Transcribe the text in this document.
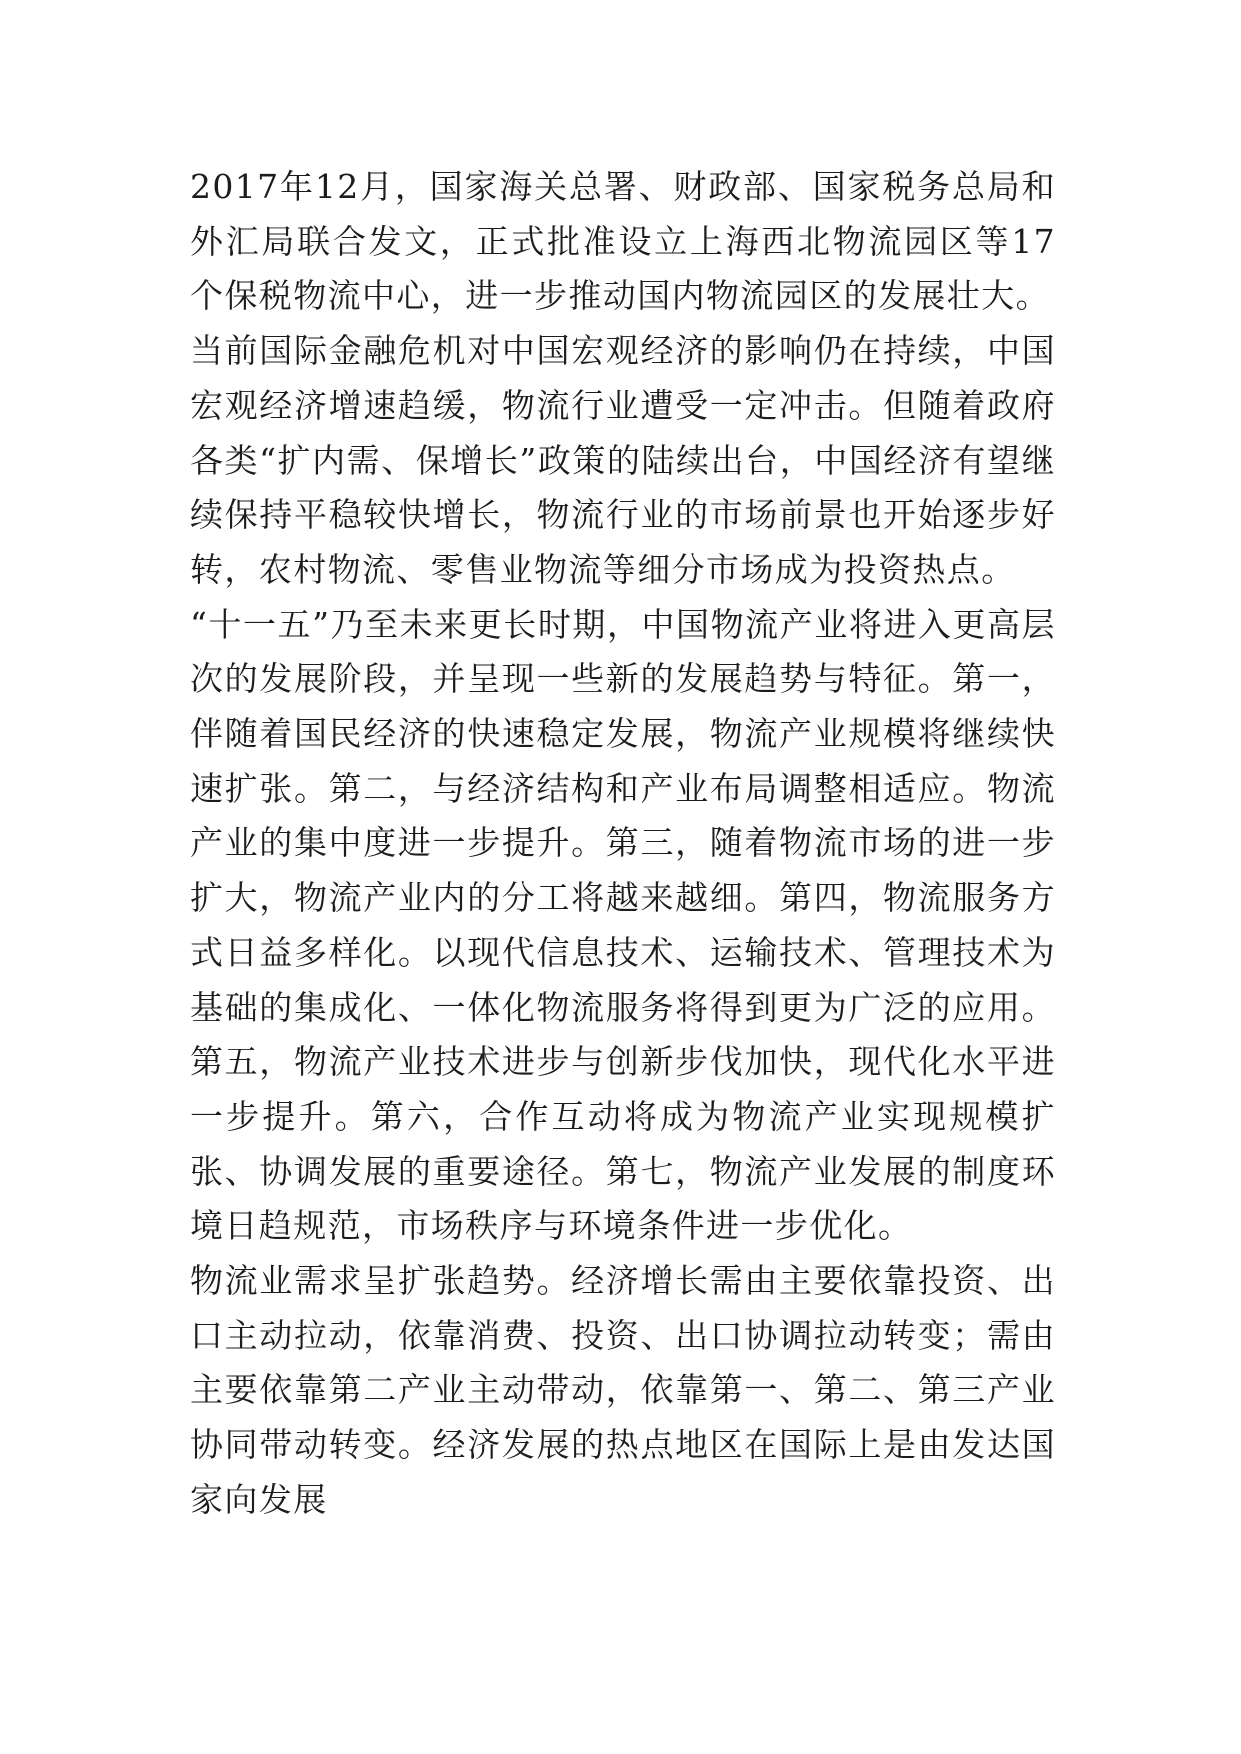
2017年12月，国家海关总署、财政部、国家税务总局和外汇局联合发文，正式批准设立上海西北物流园区等17个保税物流中心，进一步推动国内物流园区的发展壮大。

当前国际金融危机对中国宏观经济的影响仍在持续，中国宏观经济增速趋缓，物流行业遭受一定冲击。但随着政府各类“扩内需、保增长”政策的陆续出台，中国经济有望继续保持平稳较快增长，物流行业的市场前景也开始逐步好转，农村物流、零售业物流等细分市场成为投资热点。

“十一五”乃至未来更长时期，中国物流产业将进入更高层次的发展阶段，并呈现一些新的发展趋势与特征。第一，伴随着国民经济的快速稳定发展，物流产业规模将继续快速扩张。第二，与经济结构和产业布局调整相适应。物流产业的集中度进一步提升。第三，随着物流市场的进一步扩大，物流产业内的分工将越来越细。第四，物流服务方式日益多样化。以现代信息技术、运输技术、管理技术为基础的集成化、一体化物流服务将得到更为广泛的应用。第五，物流产业技术进步与创新步伐加快，现代化水平进一步提升。第六，合作互动将成为物流产业实现规模扩张、协调发展的重要途径。第七，物流产业发展的制度环境日趋规范，市场秩序与环境条件进一步优化。

物流业需求呈扩张趋势。经济增长需由主要依靠投资、出口主动拉动，依靠消费、投资、出口协调拉动转变；需由主要依靠第二产业主动带动，依靠第一、第二、第三产业协同带动转变。经济发展的热点地区在国际上是由发达国家向发展
